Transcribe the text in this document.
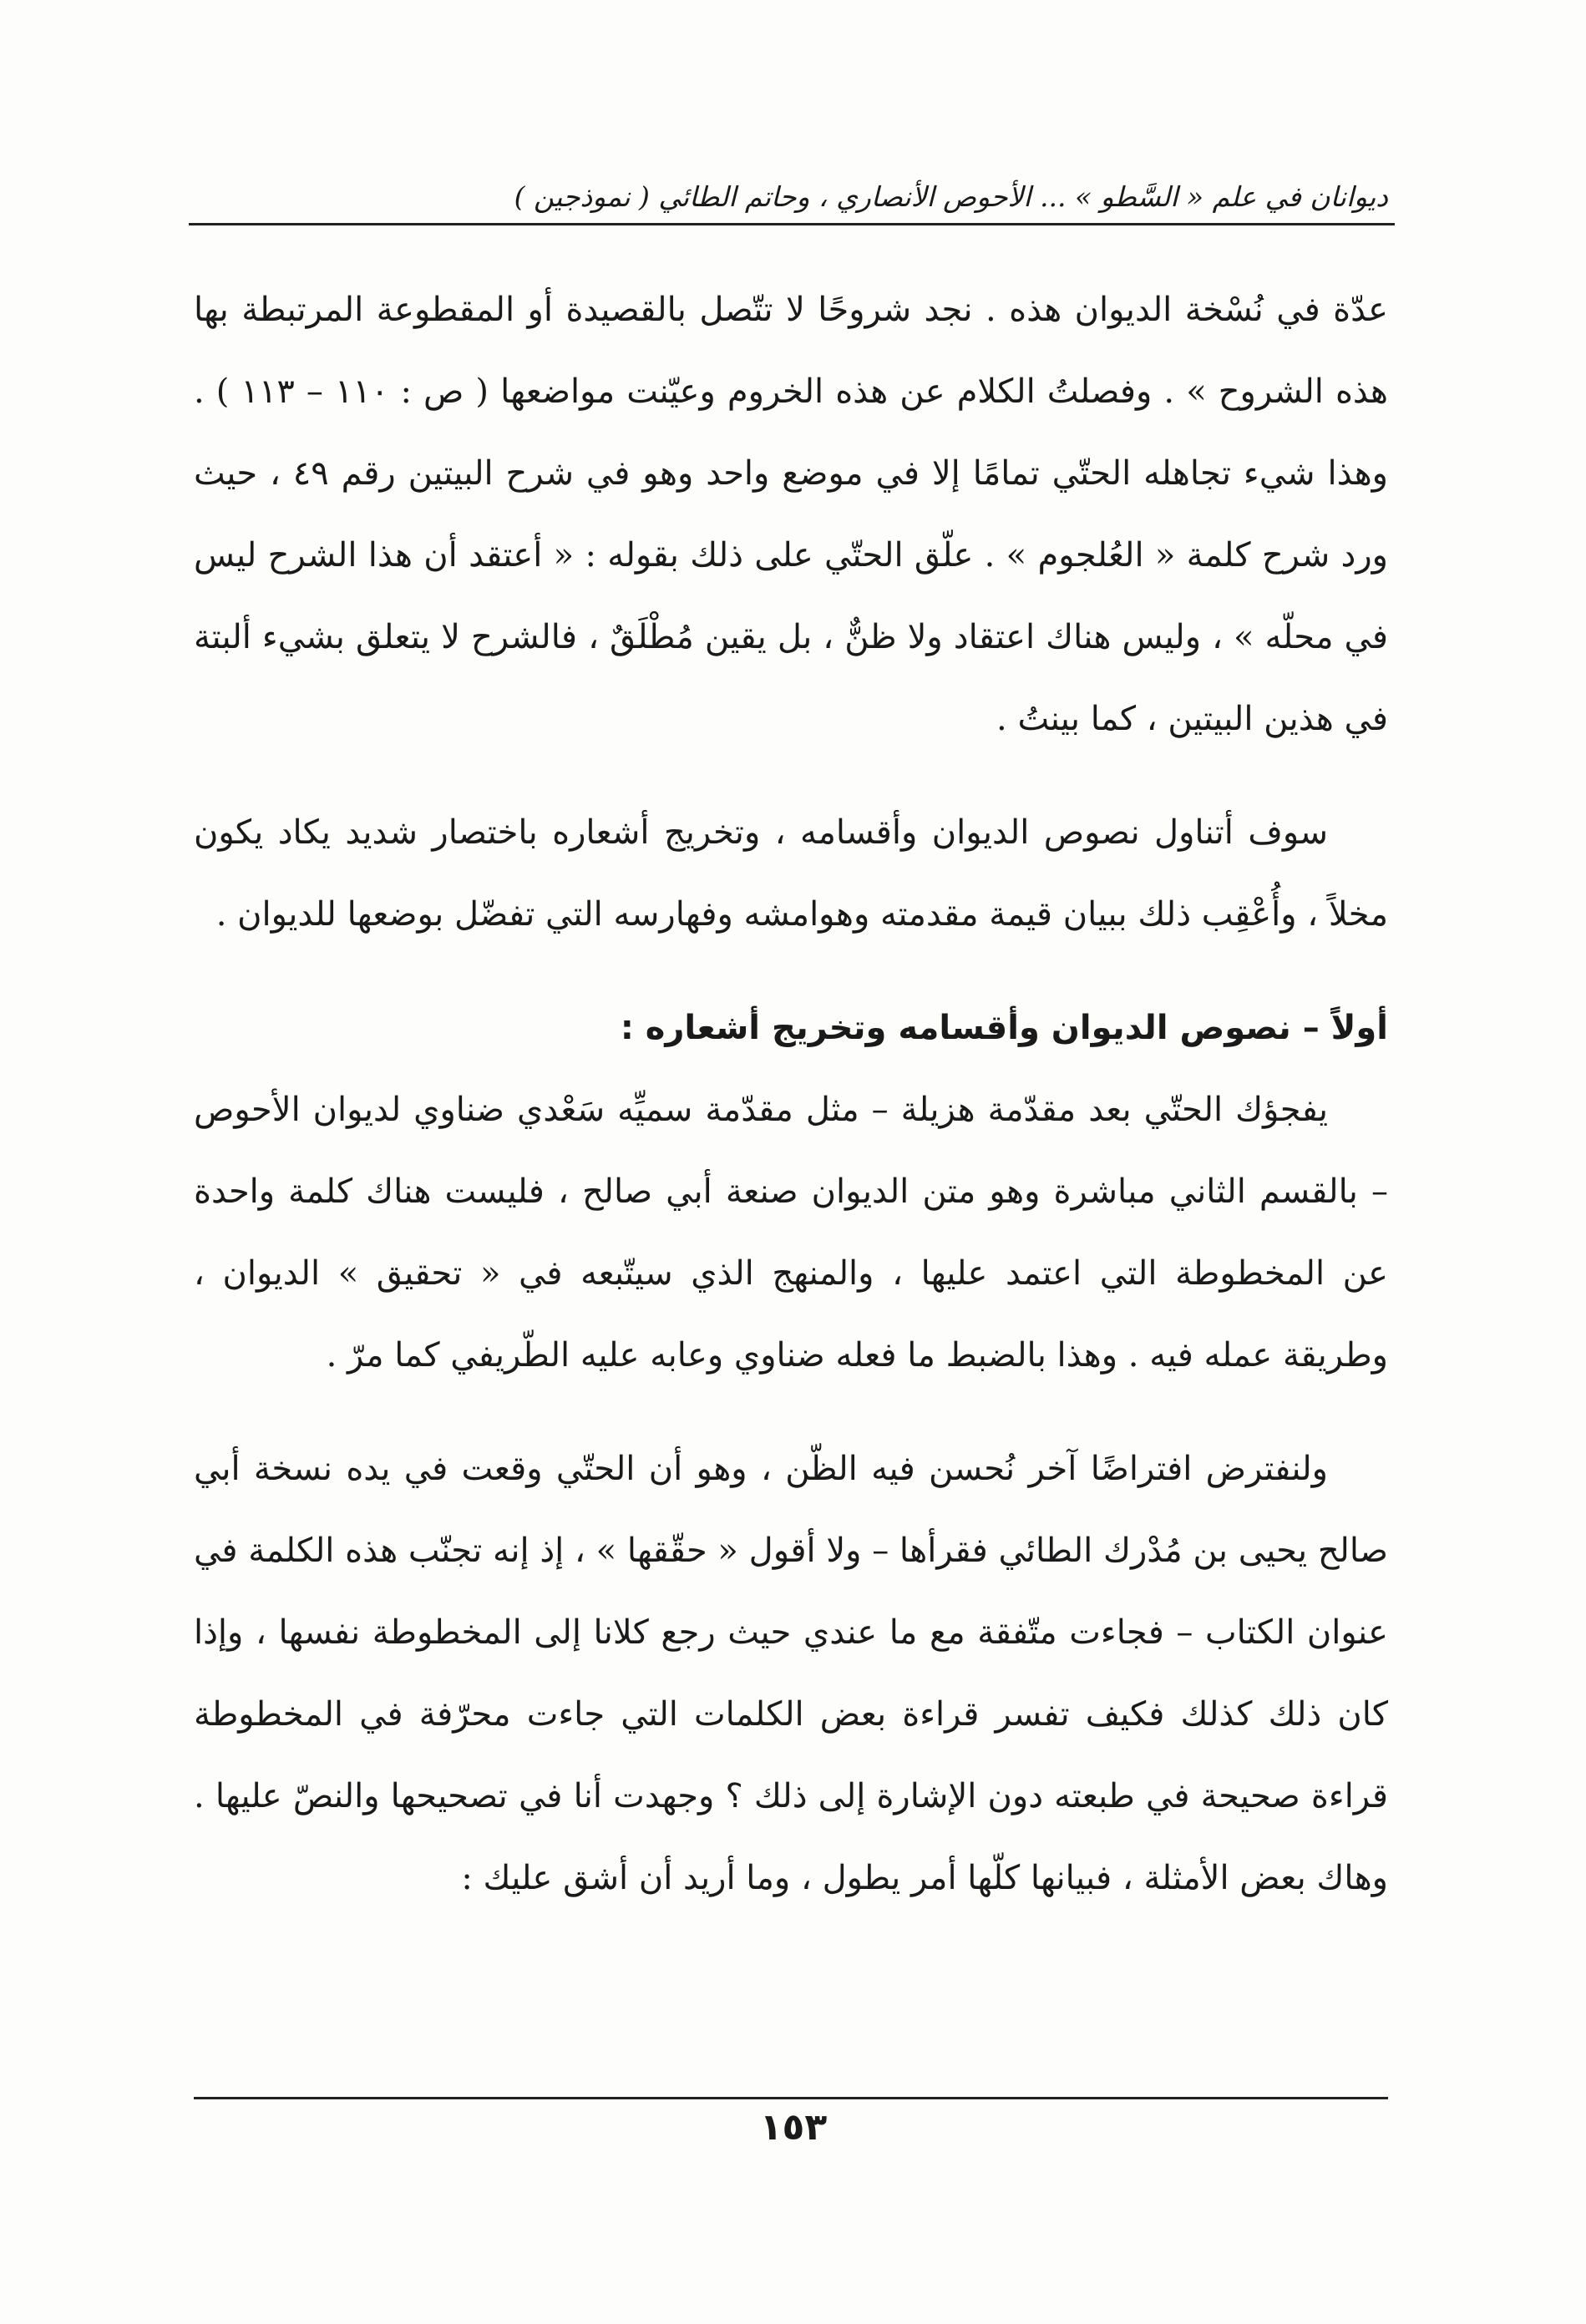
ديوانان في علم « السَّطو » ... الأحوص الأنصاري ، وحاتم الطائي ( نموذجين )

عدّة في نُسْخة الديوان هذه . نجد شروحًا لا تتّصل بالقصيدة أو المقطوعة المرتبطة بها هذه الشروح » . وفصلتُ الكلام عن هذه الخروم وعيّنت مواضعها ( ص : ١١٠ – ١١٣ ) . وهذا شيء تجاهله الحتّي تمامًا إلا في موضع واحد وهو في شرح البيتين رقم ٤٩ ، حيث ورد شرح كلمة « العُلجوم » . علّق الحتّي على ذلك بقوله : « أعتقد أن هذا الشرح ليس في محلّه » ، وليس هناك اعتقاد ولا ظنٌّ ، بل يقين مُطْلَقٌ ، فالشرح لا يتعلق بشيء ألبتة في هذين البيتين ، كما بينتُ .

سوف أتناول نصوص الديوان وأقسامه ، وتخريج أشعاره باختصار شديد يكاد يكون مخلاً ، وأُعْقِب ذلك ببيان قيمة مقدمته وهوامشه وفهارسه التي تفضّل بوضعها للديوان .

أولاً – نصوص الديوان وأقسامه وتخريج أشعاره :

يفجؤك الحتّي بعد مقدّمة هزيلة – مثل مقدّمة سميِّه سَعْدي ضناوي لديوان الأحوص – بالقسم الثاني مباشرة وهو متن الديوان صنعة أبي صالح ، فليست هناك كلمة واحدة عن المخطوطة التي اعتمد عليها ، والمنهج الذي سيتّبعه في « تحقيق » الديوان ، وطريقة عمله فيه . وهذا بالضبط ما فعله ضناوي وعابه عليه الطّريفي كما مرّ .

ولنفترض افتراضًا آخر نُحسن فيه الظّن ، وهو أن الحتّي وقعت في يده نسخة أبي صالح يحيى بن مُدْرك الطائي فقرأها – ولا أقول « حقّقها » ، إذ إنه تجنّب هذه الكلمة في عنوان الكتاب – فجاءت متّفقة مع ما عندي حيث رجع كلانا إلى المخطوطة نفسها ، وإذا كان ذلك كذلك فكيف تفسر قراءة بعض الكلمات التي جاءت محرّفة في المخطوطة قراءة صحيحة في طبعته دون الإشارة إلى ذلك ؟ وجهدت أنا في تصحيحها والنصّ عليها . وهاك بعض الأمثلة ، فبيانها كلّها أمر يطول ، وما أريد أن أشق عليك :

١٥٣
